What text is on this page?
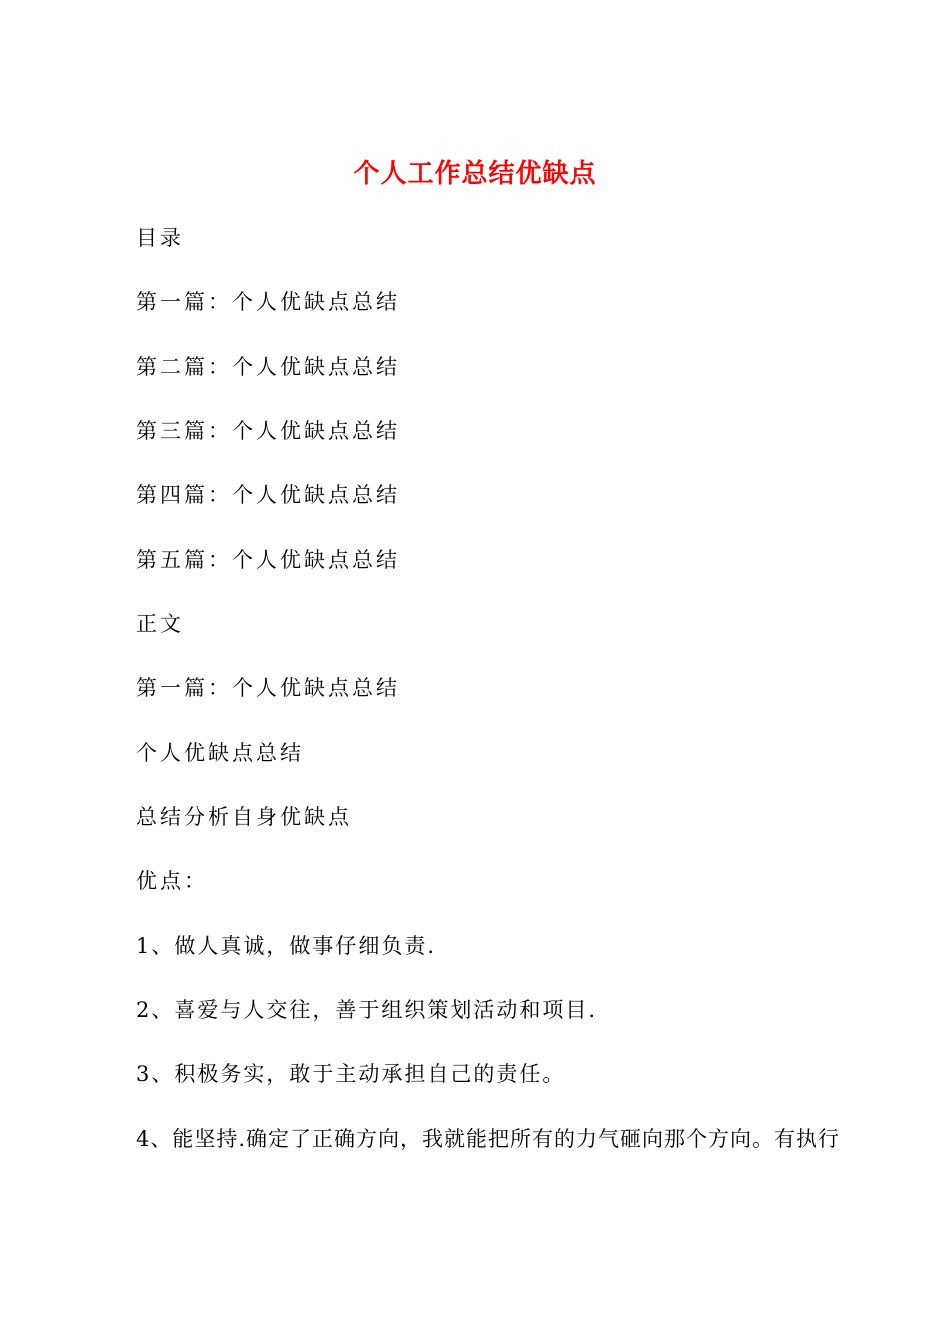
个人工作总结优缺点
目录
第一篇：个人优缺点总结
第二篇：个人优缺点总结
第三篇：个人优缺点总结
第四篇：个人优缺点总结
第五篇：个人优缺点总结
正文
第一篇：个人优缺点总结
个人优缺点总结
总结分析自身优缺点
优点：
1、做人真诚，做事仔细负责.
2、喜爱与人交往，善于组织策划活动和项目.
3、积极务实，敢于主动承担自己的责任。
4、能坚持.确定了正确方向，我就能把所有的力气砸向那个方向。有执行
